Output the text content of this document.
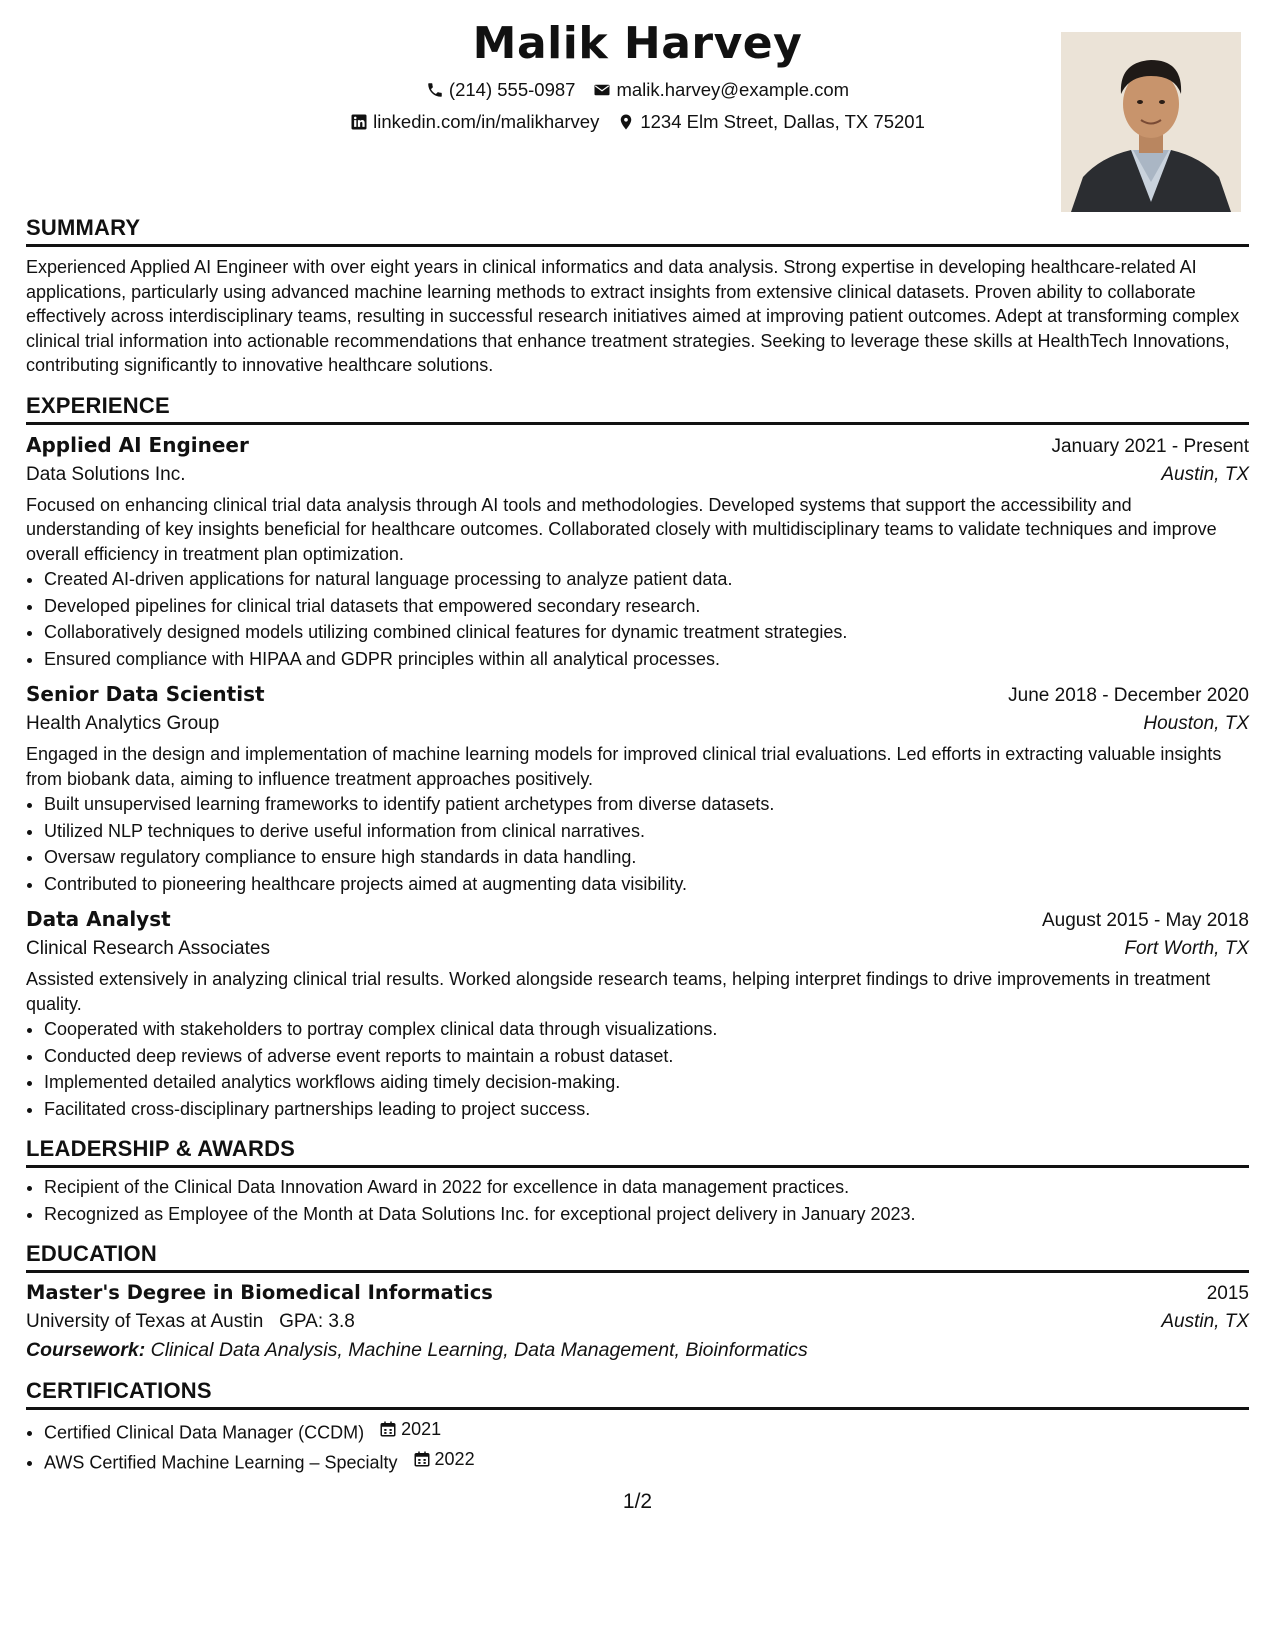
Malik Harvey
(214) 555-0987 malik.harvey@example.com
linkedin.com/in/malikharvey 1234 Elm Street, Dallas, TX 75201
SUMMARY
Experienced Applied AI Engineer with over eight years in clinical informatics and data analysis. Strong expertise in developing healthcare-related AI applications, particularly using advanced machine learning methods to extract insights from extensive clinical datasets. Proven ability to collaborate effectively across interdisciplinary teams, resulting in successful research initiatives aimed at improving patient outcomes. Adept at transforming complex clinical trial information into actionable recommendations that enhance treatment strategies. Seeking to leverage these skills at HealthTech Innovations, contributing significantly to innovative healthcare solutions.
EXPERIENCE
Applied AI Engineer	January 2021 - Present
Data Solutions Inc.	Austin, TX
Focused on enhancing clinical trial data analysis through AI tools and methodologies. Developed systems that support the accessibility and understanding of key insights beneficial for healthcare outcomes. Collaborated closely with multidisciplinary teams to validate techniques and improve overall efficiency in treatment plan optimization.
• Created AI-driven applications for natural language processing to analyze patient data.
• Developed pipelines for clinical trial datasets that empowered secondary research.
• Collaboratively designed models utilizing combined clinical features for dynamic treatment strategies.
• Ensured compliance with HIPAA and GDPR principles within all analytical processes.
Senior Data Scientist	June 2018 - December 2020
Health Analytics Group	Houston, TX
Engaged in the design and implementation of machine learning models for improved clinical trial evaluations. Led efforts in extracting valuable insights from biobank data, aiming to influence treatment approaches positively.
• Built unsupervised learning frameworks to identify patient archetypes from diverse datasets.
• Utilized NLP techniques to derive useful information from clinical narratives.
• Oversaw regulatory compliance to ensure high standards in data handling.
• Contributed to pioneering healthcare projects aimed at augmenting data visibility.
Data Analyst	August 2015 - May 2018
Clinical Research Associates	Fort Worth, TX
Assisted extensively in analyzing clinical trial results. Worked alongside research teams, helping interpret findings to drive improvements in treatment quality.
• Cooperated with stakeholders to portray complex clinical data through visualizations.
• Conducted deep reviews of adverse event reports to maintain a robust dataset.
• Implemented detailed analytics workflows aiding timely decision-making.
• Facilitated cross-disciplinary partnerships leading to project success.
LEADERSHIP & AWARDS
• Recipient of the Clinical Data Innovation Award in 2022 for excellence in data management practices.
• Recognized as Employee of the Month at Data Solutions Inc. for exceptional project delivery in January 2023.
EDUCATION
Master's Degree in Biomedical Informatics	2015
University of Texas at Austin GPA: 3.8	Austin, TX
Coursework: Clinical Data Analysis, Machine Learning, Data Management, Bioinformatics
CERTIFICATIONS
• Certified Clinical Data Manager (CCDM) 2021
• AWS Certified Machine Learning – Specialty 2022
1/2
